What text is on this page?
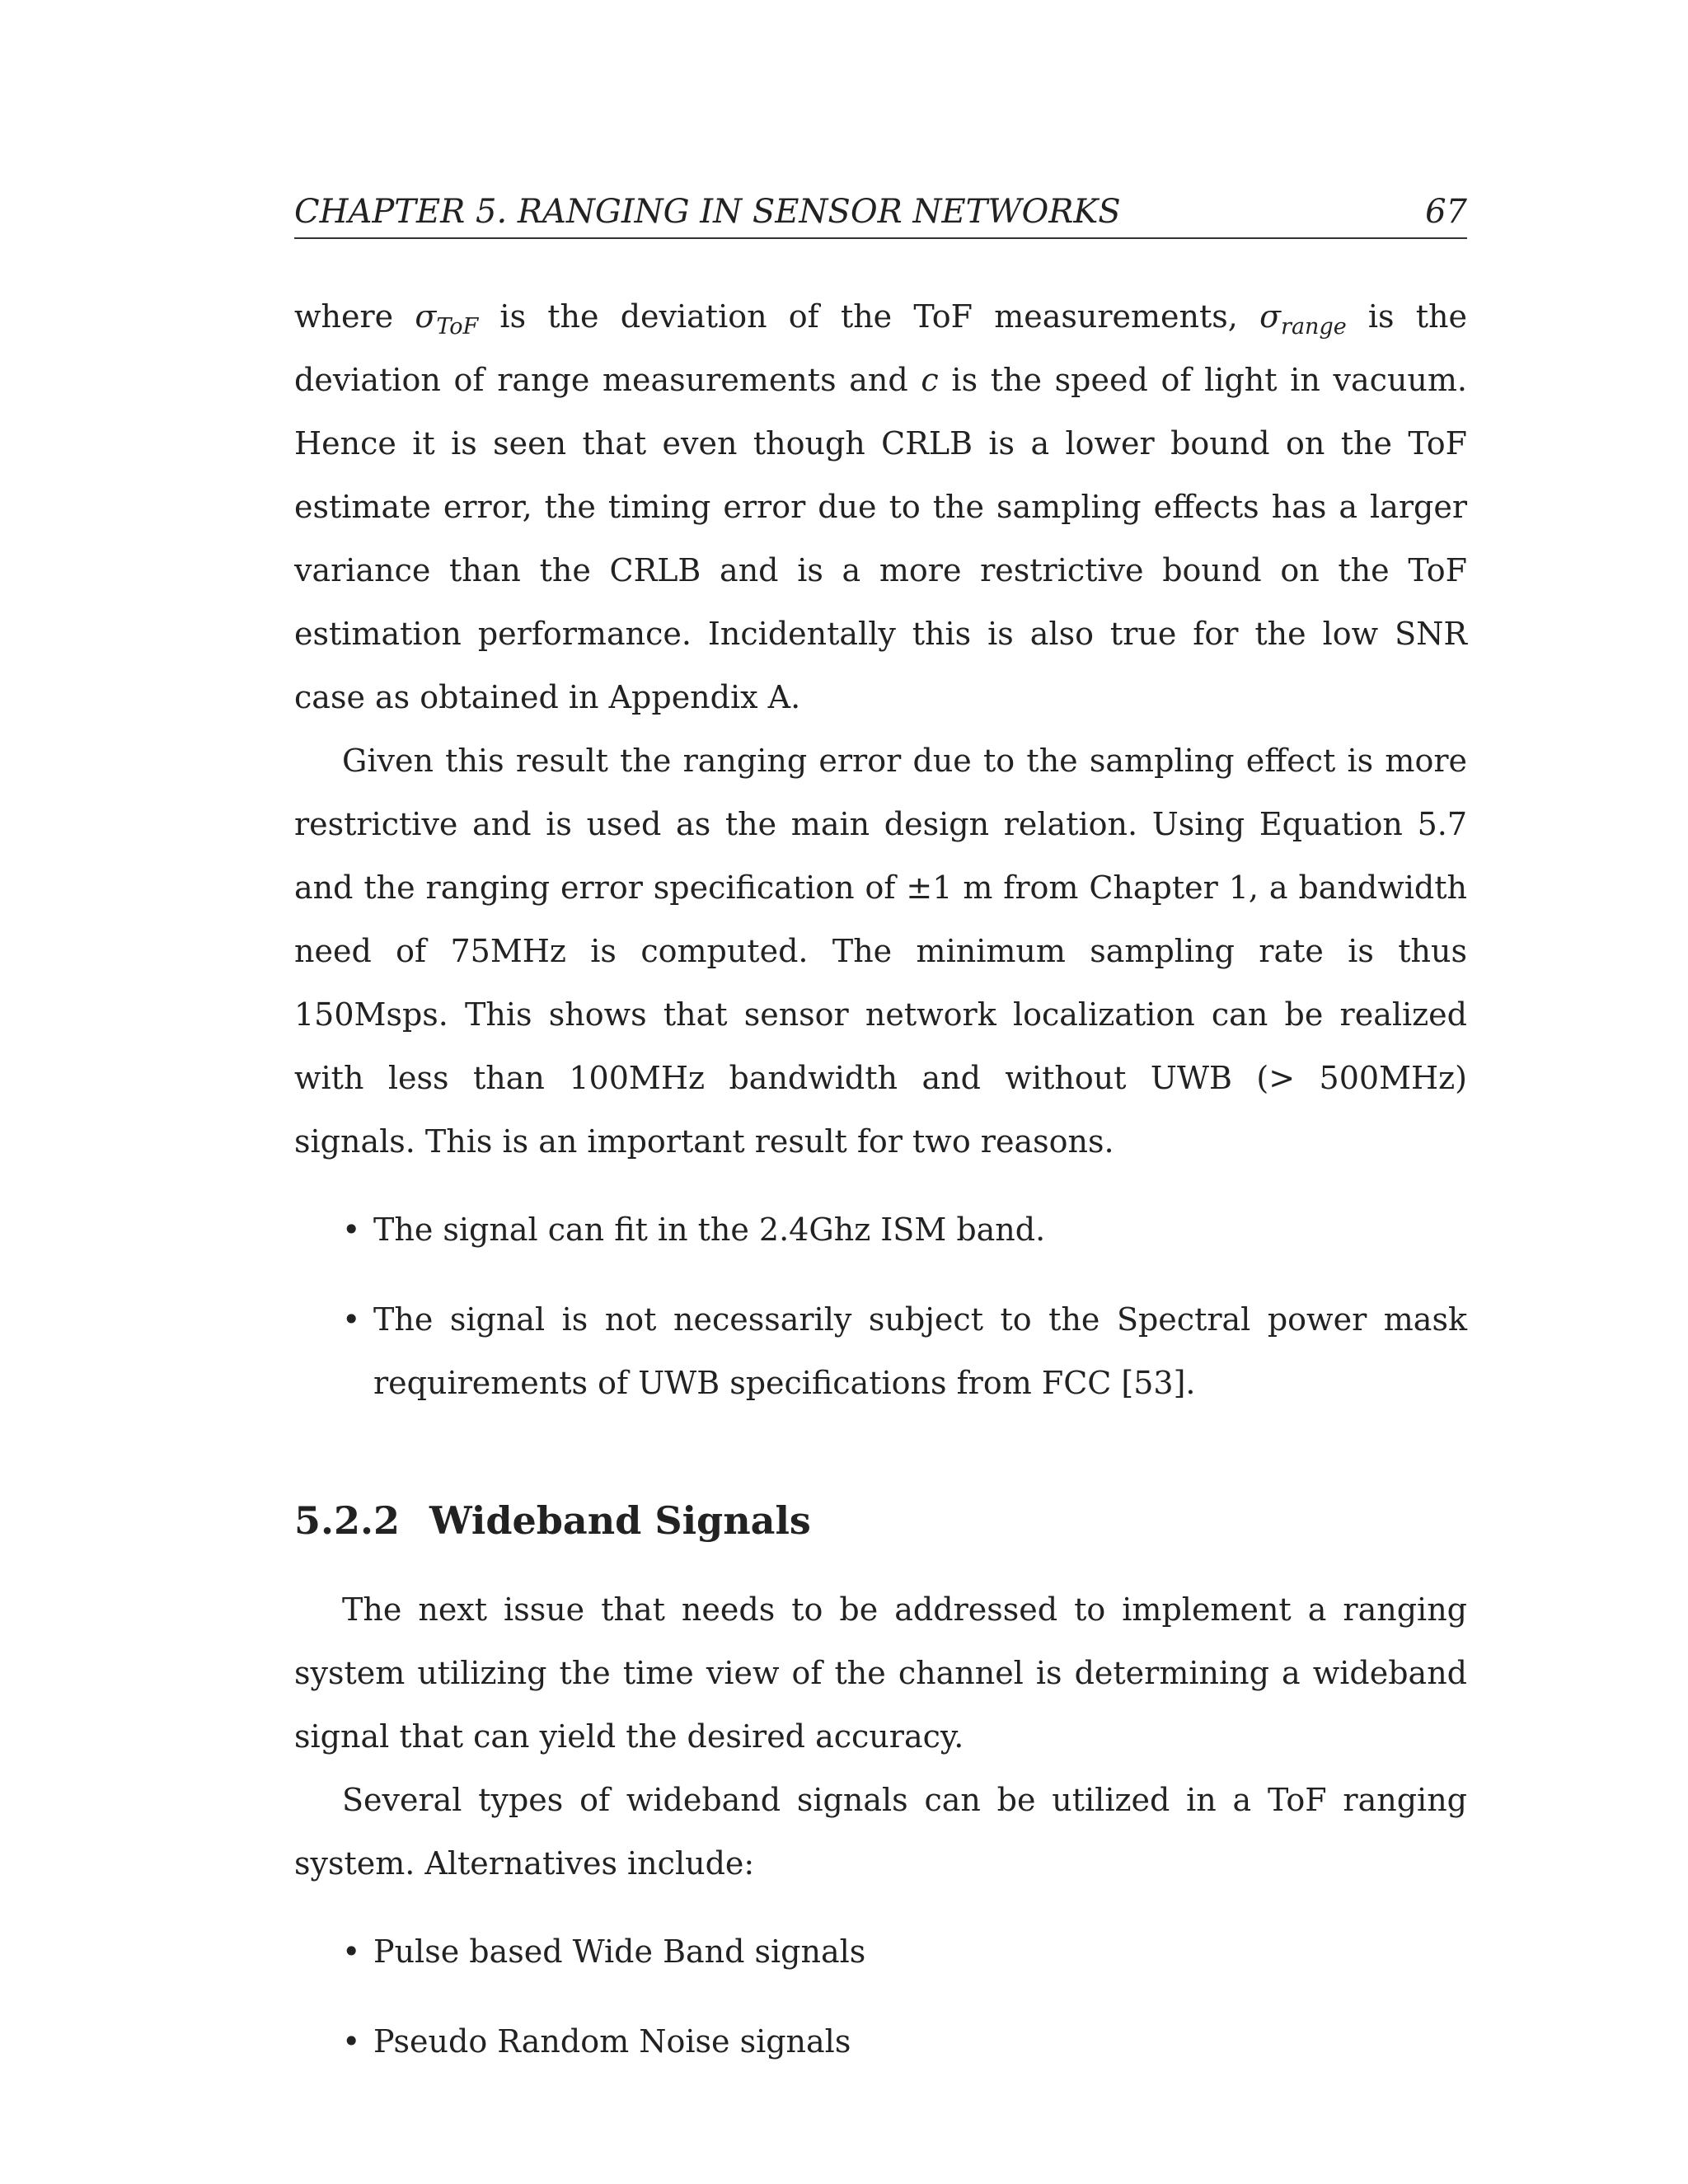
CHAPTER 5. RANGING IN SENSOR NETWORKS	67

where $\sigma_{ToF}$ is the deviation of the ToF measurements, $\sigma_{range}$ is the deviation of range measurements and c is the speed of light in vacuum. Hence it is seen that even though CRLB is a lower bound on the ToF estimate error, the timing error due to the sampling effects has a larger variance than the CRLB and is a more restrictive bound on the ToF estimation performance. Incidentally this is also true for the low SNR case as obtained in Appendix A.

Given this result the ranging error due to the sampling effect is more restrictive and is used as the main design relation. Using Equation 5.7 and the ranging error specification of ±1 m from Chapter 1, a bandwidth need of 75MHz is computed. The minimum sampling rate is thus 150Msps. This shows that sensor network localization can be realized with less than 100MHz bandwidth and without UWB (> 500MHz) signals. This is an important result for two reasons.

• The signal can fit in the 2.4Ghz ISM band.
• The signal is not necessarily subject to the Spectral power mask requirements of UWB specifications from FCC [53].
5.2.2 Wideband Signals

The next issue that needs to be addressed to implement a ranging system utilizing the time view of the channel is determining a wideband signal that can yield the desired accuracy.

Several types of wideband signals can be utilized in a ToF ranging system. Alternatives include:

• Pulse based Wide Band signals
• Pseudo Random Noise signals
